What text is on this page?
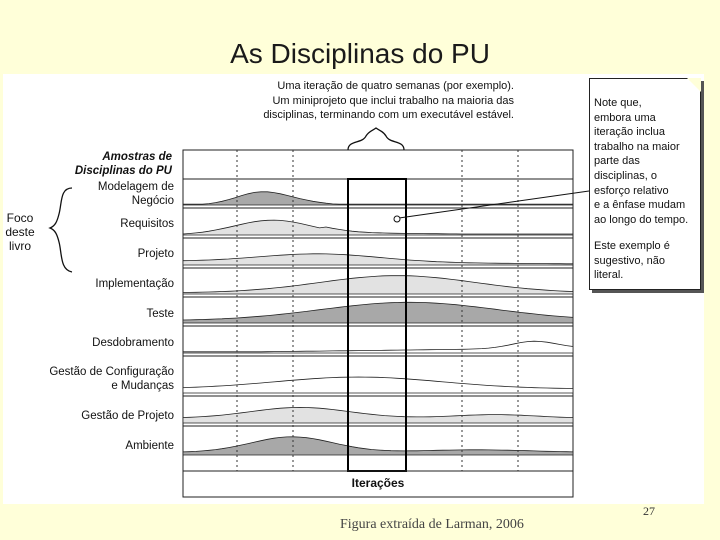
As Disciplinas do PU
Uma iteração de quatro semanas (por exemplo).
Um miniprojeto que inclui trabalho na maioria das
disciplinas, terminando com um executável estável.
Amostras de
Disciplinas do PU
Foco
deste
livro
Modelagem de
Negócio
Requisitos
Projeto
Implementação
Teste
Desdobramento
Gestão de Configuração
e Mudanças
Gestão de Projeto
Ambiente
Iterações
Note que,
embora uma
iteração inclua
trabalho na maior
parte das
disciplinas, o
esforço relativo
e a ênfase mudam
ao longo do tempo.
Este exemplo é
sugestivo, não
literal.
27
Figura extraída de Larman, 2006
